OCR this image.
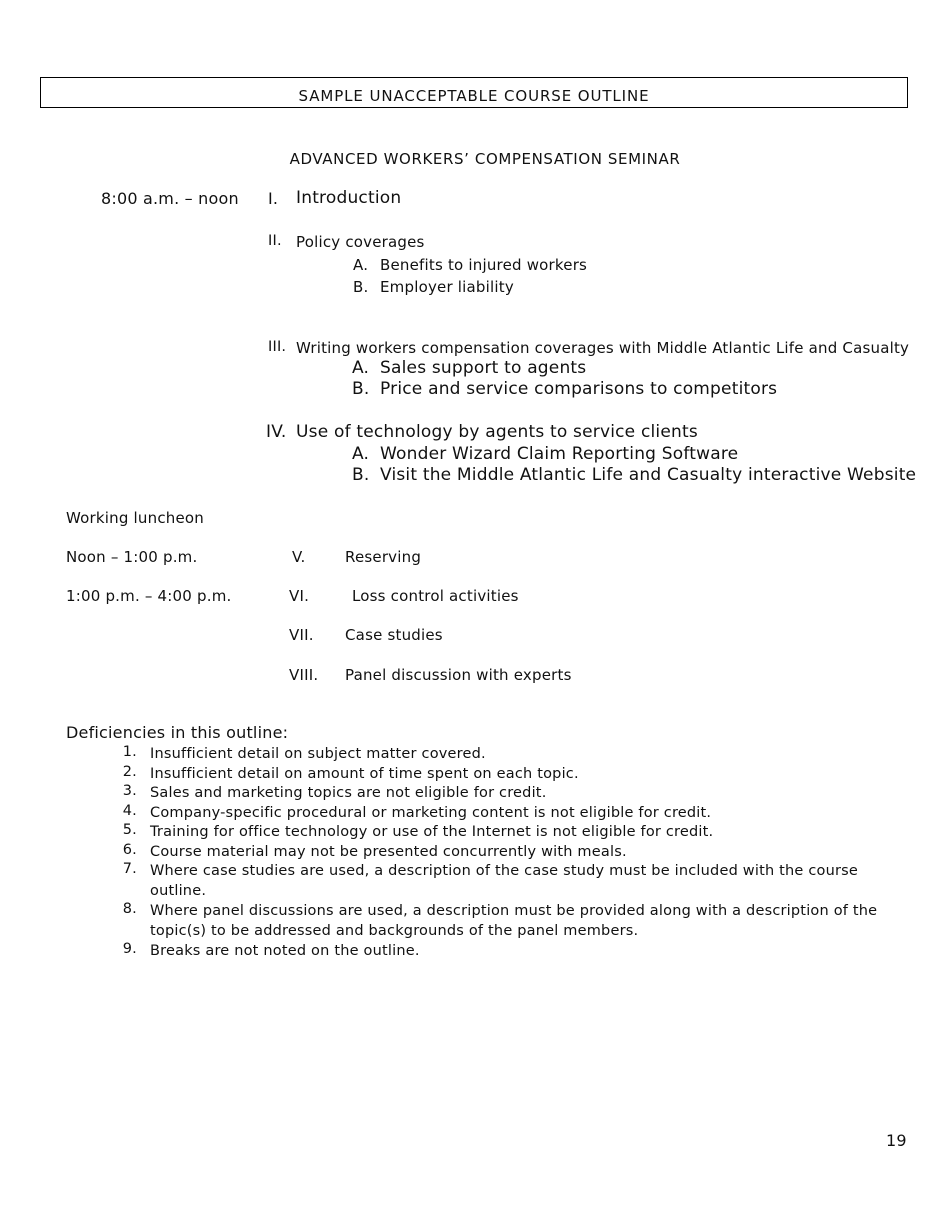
SAMPLE UNACCEPTABLE COURSE OUTLINE
ADVANCED WORKERS’ COMPENSATION SEMINAR
8:00 a.m. – noon I. Introduction
II. Policy coverages
A. Benefits to injured workers
B. Employer liability
III. Writing workers compensation coverages with Middle Atlantic Life and Casualty
A. Sales support to agents
B. Price and service comparisons to competitors
IV. Use of technology by agents to service clients
A. Wonder Wizard Claim Reporting Software
B. Visit the Middle Atlantic Life and Casualty interactive Website
Working luncheon
Noon – 1:00 p.m.	V.	Reserving
1:00 p.m. – 4:00 p.m.	VI.	Loss control activities
VII. Case studies
VIII. Panel discussion with experts
Deficiencies in this outline:
1. Insufficient detail on subject matter covered.
2. Insufficient detail on amount of time spent on each topic.
3. Sales and marketing topics are not eligible for credit.
4. Company-specific procedural or marketing content is not eligible for credit.
5. Training for office technology or use of the Internet is not eligible for credit.
6. Course material may not be presented concurrently with meals.
7. Where case studies are used, a description of the case study must be included with the course outline.
8. Where panel discussions are used, a description must be provided along with a description of the topic(s) to be addressed and backgrounds of the panel members.
9. Breaks are not noted on the outline.
19
